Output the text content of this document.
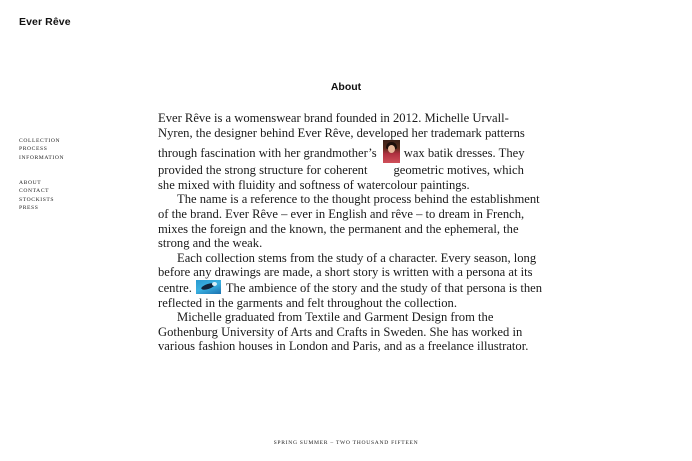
Ever Rêve
COLLECTION
PROCESS
INFORMATION
ABOUT
CONTACT
STOCKISTS
PRESS
About

Ever Rêve is a womenswear brand founded in 2012. Michelle Urvall-Nyren, the designer behind Ever Rêve, developed her trademark patterns through fascination with her grandmother’s wax batik dresses. They provided the strong structure for coherent geometric motives, which she mixed with fluidity and softness of watercolour paintings.

The name is a reference to the thought process behind the establishment of the brand. Ever Rêve – ever in English and rêve – to dream in French, mixes the foreign and the known, the permanent and the ephemeral, the strong and the weak.

Each collection stems from the study of a character. Every season, long before any drawings are made, a short story is written with a persona at its centre.	The ambience of the story and the study of that persona is then reflected in the garments and felt throughout the collection.

Michelle graduated from Textile and Garment Design from the Gothenburg University of Arts and Crafts in Sweden. She has worked in various fashion houses in London and Paris, and as a freelance illustrator.

SPRING SUMMER – TWO THOUSAND FIFTEEN
